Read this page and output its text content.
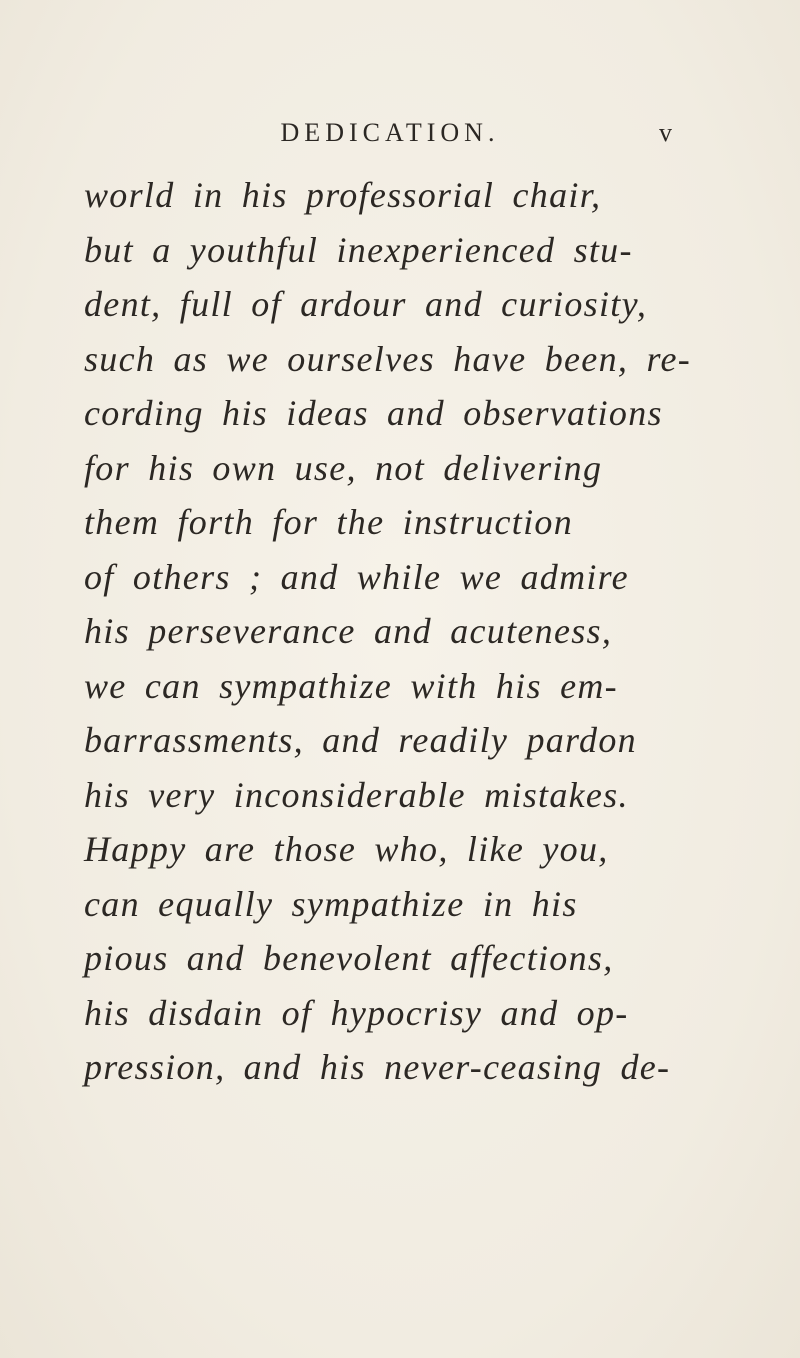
DEDICATION.	v
world in his professorial chair,
but a youthful inexperienced stu-
dent, full of ardour and curiosity,
such as we ourselves have been, re-
cording his ideas and observations
for his own use, not delivering
them forth for the instruction
of others ; and while we admire
his perseverance and acuteness,
we can sympathize with his em-
barrassments, and readily pardon
his very inconsiderable mistakes.
Happy are those who, like you,
can equally sympathize in his
pious and benevolent affections,
his disdain of hypocrisy and op-
pression, and his never-ceasing de-
